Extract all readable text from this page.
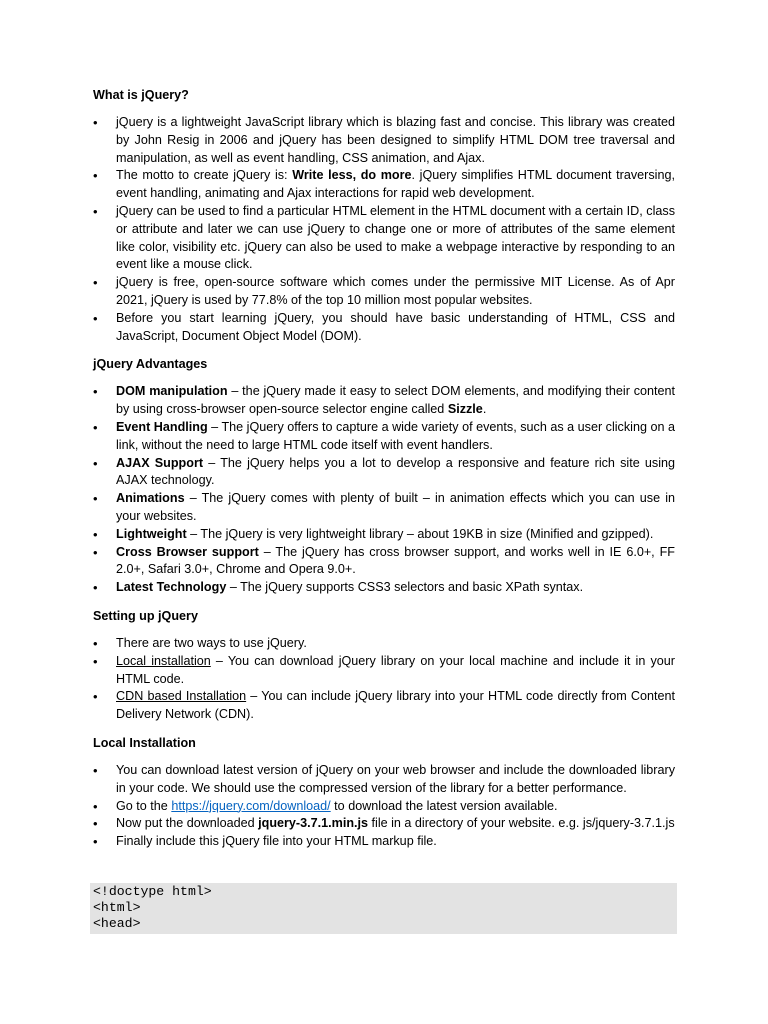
What is jQuery?
• jQuery is a lightweight JavaScript library which is blazing fast and concise. This library was created by John Resig in 2006 and jQuery has been designed to simplify HTML DOM tree traversal and manipulation, as well as event handling, CSS animation, and Ajax.
• The motto to create jQuery is: Write less, do more. jQuery simplifies HTML document traversing, event handling, animating and Ajax interactions for rapid web development.
• jQuery can be used to find a particular HTML element in the HTML document with a certain ID, class or attribute and later we can use jQuery to change one or more of attributes of the same element like color, visibility etc. jQuery can also be used to make a webpage interactive by responding to an event like a mouse click.
• jQuery is free, open-source software which comes under the permissive MIT License. As of Apr 2021, jQuery is used by 77.8% of the top 10 million most popular websites.
• Before you start learning jQuery, you should have basic understanding of HTML, CSS and JavaScript, Document Object Model (DOM).
jQuery Advantages
• DOM manipulation – the jQuery made it easy to select DOM elements, and modifying their content by using cross-browser open-source selector engine called Sizzle.
• Event Handling – The jQuery offers to capture a wide variety of events, such as a user clicking on a link, without the need to large HTML code itself with event handlers.
• AJAX Support – The jQuery helps you a lot to develop a responsive and feature rich site using AJAX technology.
• Animations – The jQuery comes with plenty of built – in animation effects which you can use in your websites.
• Lightweight – The jQuery is very lightweight library – about 19KB in size (Minified and gzipped).
• Cross Browser support – The jQuery has cross browser support, and works well in IE 6.0+, FF 2.0+, Safari 3.0+, Chrome and Opera 9.0+.
• Latest Technology – The jQuery supports CSS3 selectors and basic XPath syntax.
Setting up jQuery
• There are two ways to use jQuery.
• Local installation – You can download jQuery library on your local machine and include it in your HTML code.
• CDN based Installation – You can include jQuery library into your HTML code directly from Content Delivery Network (CDN).
Local Installation
• You can download latest version of jQuery on your web browser and include the downloaded library in your code. We should use the compressed version of the library for a better performance.
• Go to the https://jquery.com/download/ to download the latest version available.
• Now put the downloaded jquery-3.7.1.min.js file in a directory of your website. e.g. js/jquery-3.7.1.js
• Finally include this jQuery file into your HTML markup file.
<!doctype html>
<html>
<head>
